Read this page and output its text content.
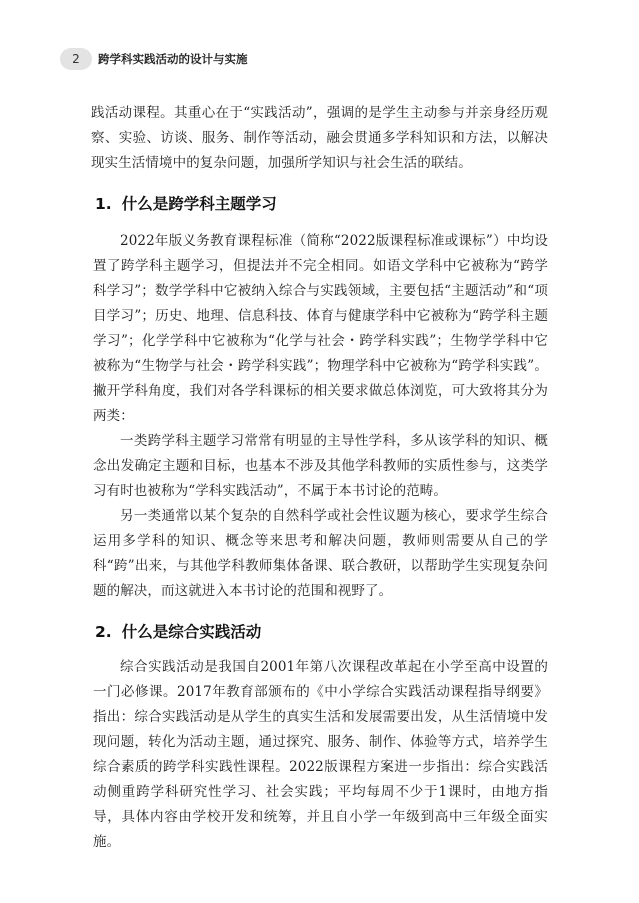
2	跨学科实践活动的设计与实施

践活动课程。其重心在于“实践活动”，强调的是学生主动参与并亲身经历观察、实验、访谈、服务、制作等活动，融会贯通多学科知识和方法，以解决现实生活情境中的复杂问题，加强所学知识与社会生活的联结。

1. 什么是跨学科主题学习

2022年版义务教育课程标准（简称“2022版课程标准或课标”）中均设置了跨学科主题学习，但提法并不完全相同。如语文学科中它被称为“跨学科学习”；数学学科中它被纳入综合与实践领域，主要包括“主题活动”和“项目学习”；历史、地理、信息科技、体育与健康学科中它被称为“跨学科主题学习”；化学学科中它被称为“化学与社会・跨学科实践”；生物学学科中它被称为“生物学与社会・跨学科实践”；物理学科中它被称为“跨学科实践”。撇开学科角度，我们对各学科课标的相关要求做总体浏览，可大致将其分为两类：

一类跨学科主题学习常常有明显的主导性学科，多从该学科的知识、概念出发确定主题和目标，也基本不涉及其他学科教师的实质性参与，这类学习有时也被称为“学科实践活动”，不属于本书讨论的范畴。

另一类通常以某个复杂的自然科学或社会性议题为核心，要求学生综合运用多学科的知识、概念等来思考和解决问题，教师则需要从自己的学科“跨”出来，与其他学科教师集体备课、联合教研，以帮助学生实现复杂问题的解决，而这就进入本书讨论的范围和视野了。

2. 什么是综合实践活动

综合实践活动是我国自2001年第八次课程改革起在小学至高中设置的一门必修课。2017年教育部颁布的《中小学综合实践活动课程指导纲要》指出：综合实践活动是从学生的真实生活和发展需要出发，从生活情境中发现问题，转化为活动主题，通过探究、服务、制作、体验等方式，培养学生综合素质的跨学科实践性课程。2022版课程方案进一步指出：综合实践活动侧重跨学科研究性学习、社会实践；平均每周不少于1课时，由地方指导，具体内容由学校开发和统筹，并且自小学一年级到高中三年级全面实施。
